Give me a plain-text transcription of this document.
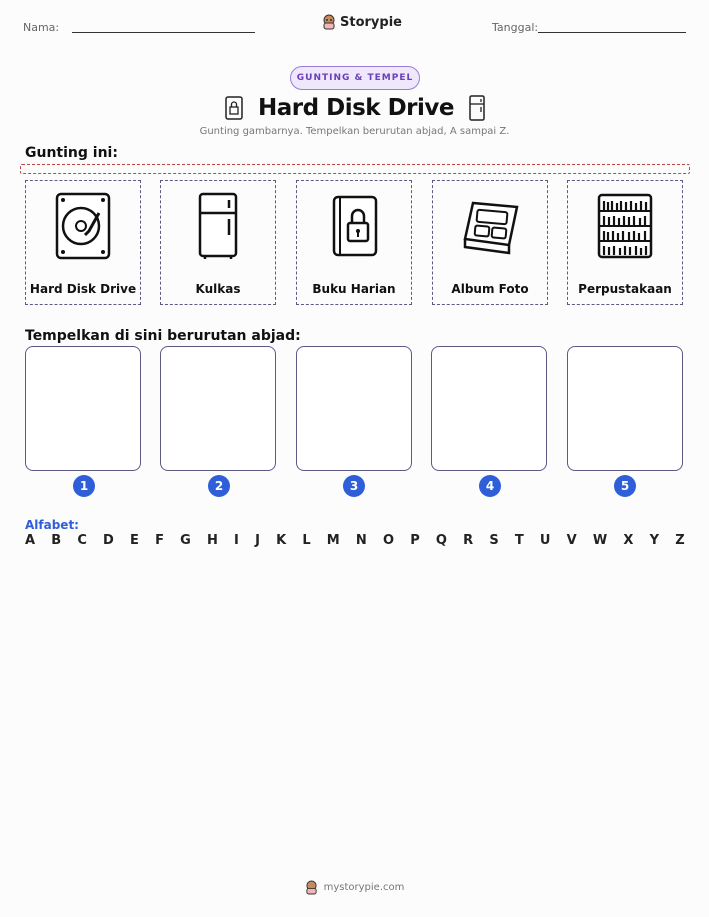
Nama:	Storypie	Tanggal:
GUNTING & TEMPEL
Hard Disk Drive
Gunting gambarnya. Tempelkan berurutan abjad, A sampai Z.
Gunting ini:
Hard Disk Drive	Kulkas	Buku Harian	Album Foto	Perpustakaan
Tempelkan di sini berurutan abjad:
1	2	3	4	5
Alfabet:
A B C D E F G H I J K L M N O P Q R S T U V W X Y Z
mystorypie.com
